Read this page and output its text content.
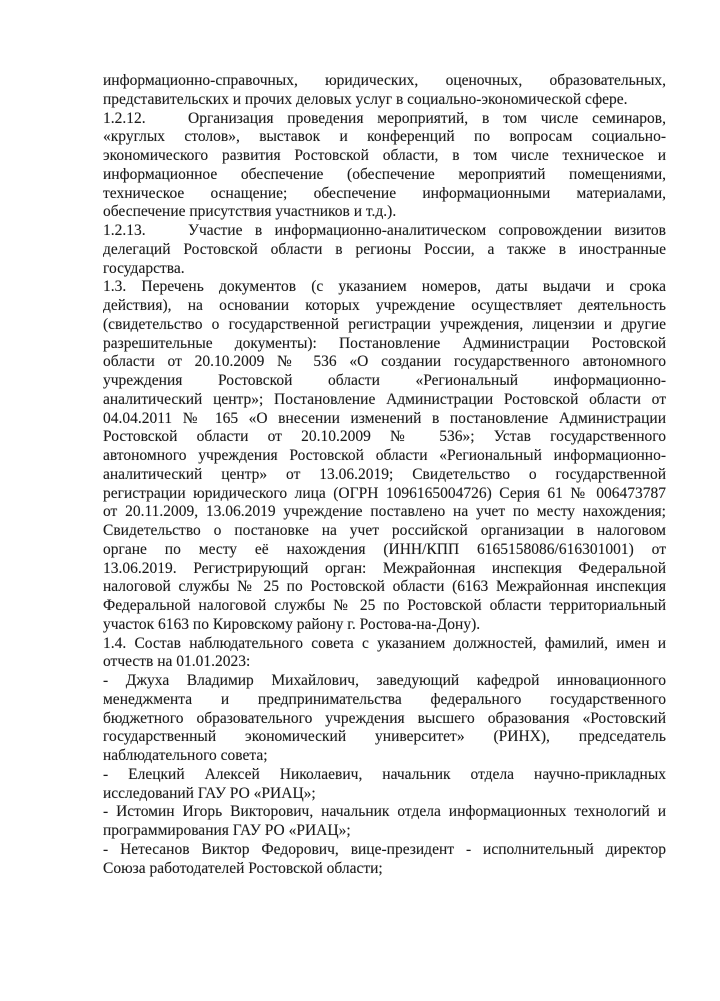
информационно-справочных, юридических, оценочных, образовательных,
представительских и прочих деловых услуг в социально-экономической сфере.
1.2.12.	Организация проведения мероприятий, в том числе семинаров,
«круглых столов», выставок и конференций по вопросам социально-
экономического развития Ростовской области, в том числе техническое и
информационное обеспечение (обеспечение мероприятий помещениями,
техническое оснащение; обеспечение информационными материалами,
обеспечение присутствия участников и т.д.).
1.2.13.	Участие в информационно-аналитическом сопровождении визитов
делегаций Ростовской области в регионы России, а также в иностранные
государства.
1.3. Перечень документов (с указанием номеров, даты выдачи и срока
действия), на основании которых учреждение осуществляет деятельность
(свидетельство о государственной регистрации учреждения, лицензии и другие
разрешительные документы): Постановление Администрации Ростовской
области от 20.10.2009 № 536 «О создании государственного автономного
учреждения Ростовской области «Региональный информационно-
аналитический центр»; Постановление Администрации Ростовской области от
04.04.2011 № 165 «О внесении изменений в постановление Администрации
Ростовской области от 20.10.2009 № 536»; Устав государственного
автономного учреждения Ростовской области «Региональный информационно-
аналитический центр» от 13.06.2019; Свидетельство о государственной
регистрации юридического лица (ОГРН 1096165004726) Серия 61 № 006473787
от 20.11.2009, 13.06.2019 учреждение поставлено на учет по месту нахождения;
Свидетельство о постановке на учет российской организации в налоговом
органе по месту её нахождения (ИНН/КПП 6165158086/616301001) от
13.06.2019. Регистрирующий орган: Межрайонная инспекция Федеральной
налоговой службы № 25 по Ростовской области (6163 Межрайонная инспекция
Федеральной налоговой службы № 25 по Ростовской области территориальный
участок 6163 по Кировскому району г. Ростова-на-Дону).
1.4. Состав наблюдательного совета с указанием должностей, фамилий, имен и
отчеств на 01.01.2023:
- Джуха Владимир Михайлович, заведующий кафедрой инновационного
менеджмента и предпринимательства федерального государственного
бюджетного образовательного учреждения высшего образования «Ростовский
государственный экономический университет» (РИНХ), председатель
наблюдательного совета;
- Елецкий Алексей Николаевич, начальник отдела научно-прикладных
исследований ГАУ РО «РИАЦ»;
- Истомин Игорь Викторович, начальник отдела информационных технологий и
программирования ГАУ РО «РИАЦ»;
- Нетесанов Виктор Федорович, вице-президент - исполнительный директор
Союза работодателей Ростовской области;
